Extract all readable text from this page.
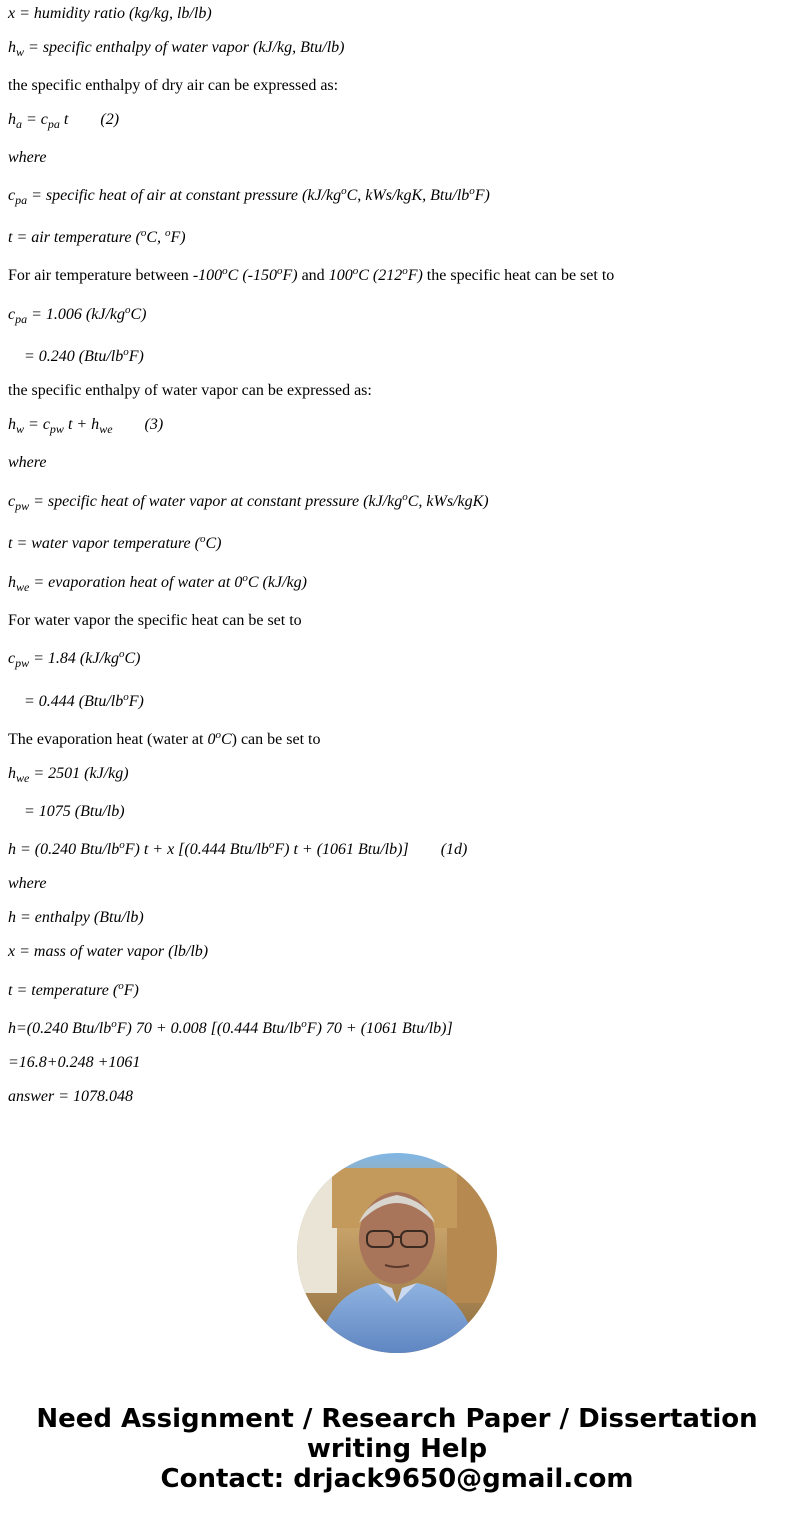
x = humidity ratio (kg/kg, lb/lb)
$h_w$ = specific enthalpy of water vapor (kJ/kg, Btu/lb)
the specific enthalpy of dry air can be expressed as:
$h_a = c_{pa}$ t (2)
where
$c_{pa}$ = specific heat of air at constant pressure ($kJ/kg^oC$, kWs/kgK, Btu/$lb^oF$)
t = air temperature ($^o$C, $^o$F)
For air temperature between -100$^o$C (-150$^o$F) and 100$^o$C (212$^o$F) the specific heat can be set to
$c_{pa} = 1.006$ $(kJ/kg^oC)$
= 0.240 $(Btu/lb^oF)$
the specific enthalpy of water vapor can be expressed as:
$h_w = c_{pw}$ $t + h_{we}$ (3)
where
$c_{pw}$ = specific heat of water vapor at constant pressure ($kJ/kg^oC$, kWs/kgK)
t = water vapor temperature ($^o$C)
$h_{we}$ = evaporation heat of water at 0$^o$C (kJ/kg)
For water vapor the specific heat can be set to
$c_{pw} = 1.84$ $(kJ/kg^oC)$
= 0.444 $(Btu/lb^oF)$
The evaporation heat (water at 0$^o$C) can be set to
$h_{we} = 2501$ (kJ/kg)
= 1075 (Btu/lb)
h = (0.240 Btu/$lb^oF$) t + x [(0.444 Btu/$lb^oF$) t + (1061 Btu/lb)] (1d)
where
h = enthalpy (Btu/lb)
x = mass of water vapor (lb/lb)
t = temperature ($^o$F)
h=(0.240 Btu/$lb^oF$) 70 + 0.008 [(0.444 Btu/$lb^oF$) 70 + (1061 Btu/lb)]
=16.8+0.248 +1061
answer = 1078.048
Need Assignment / Research Paper / Dissertation
writing Help
Contact: drjack9650@gmail.com
